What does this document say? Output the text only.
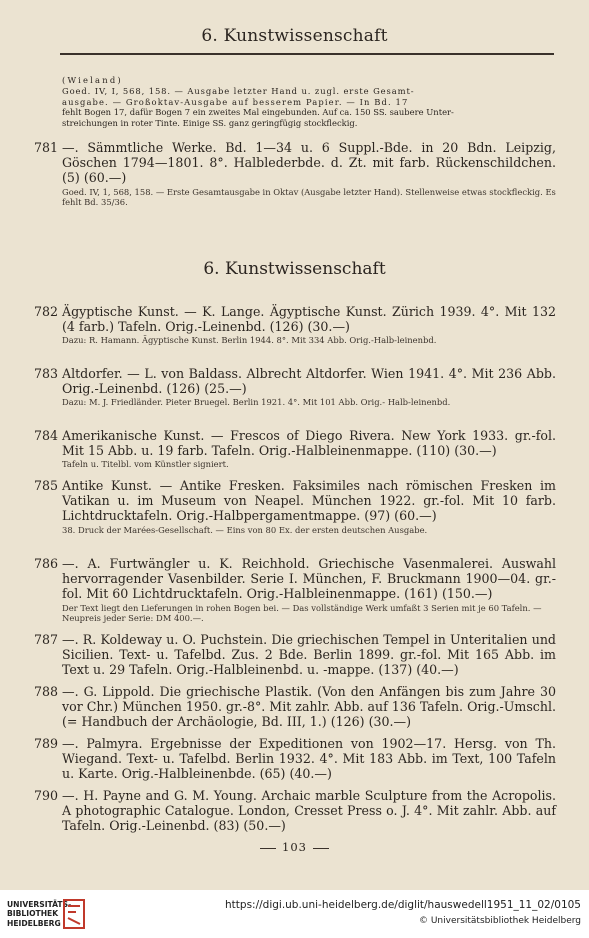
6. Kunstwissenschaft

(Wieland)

Goed. IV, I, 568, 158. — Ausgabe letzter Hand u. zugl. erste Gesamt-

ausgabe. — Großoktav-Ausgabe auf besserem Papier. — In Bd. 17

fehlt Bogen 17, dafür Bogen 7 ein zweites Mal eingebunden. Auf ca. 150 SS. saubere Unter-

streichungen in roter Tinte. Einige SS. ganz geringfügig stockfleckig.

781 —. Sämmtliche Werke. Bd. 1—34 u. 6 Suppl.-Bde. in 20 Bdn. Leipzig, Göschen 1794—1801. 8°. Halblederbde. d. Zt. mit farb. Rückenschildchen. (5) (60.—)
Goed. IV, 1, 568, 158. — Erste Gesamtausgabe in Oktav (Ausgabe letzter Hand). Stellenweise etwas stockfleckig. Es fehlt Bd. 35/36.
6. Kunstwissenschaft
782 Ägyptische Kunst. — K. Lange. Ägyptische Kunst. Zürich 1939. 4°. Mit 132 (4 farb.) Tafeln. Orig.-Leinenbd. (126) (30.—)
Dazu: R. Hamann. Ägyptische Kunst. Berlin 1944. 8°. Mit 334 Abb. Orig.-Halb-leinenbd.
783 Altdorfer. — L. von Baldass. Albrecht Altdorfer. Wien 1941. 4°. Mit 236 Abb. Orig.-Leinenbd. (126) (25.—)
Dazu: M. J. Friedländer. Pieter Bruegel. Berlin 1921. 4°. Mit 101 Abb. Orig.- Halb-leinenbd.
784 Amerikanische Kunst. — Frescos of Diego Rivera. New York 1933. gr.-fol. Mit 15 Abb. u. 19 farb. Tafeln. Orig.-Halbleinenmappe. (110) (30.—)
Tafeln u. Titelbl. vom Künstler signiert.
785 Antike Kunst. — Antike Fresken. Faksimiles nach römischen Fresken im Vatikan u. im Museum von Neapel. München 1922. gr.-fol. Mit 10 farb. Lichtdrucktafeln. Orig.-Halbpergamentmappe. (97) (60.—)
38. Druck der Marées-Gesellschaft. — Eins von 80 Ex. der ersten deutschen Ausgabe.
786 —. A. Furtwängler u. K. Reichhold. Griechische Vasenmalerei. Auswahl hervorragender Vasenbilder. Serie I. München, F. Bruckmann 1900—04. gr.-fol. Mit 60 Lichtdrucktafeln. Orig.-Halbleinenmappe. (161) (150.—)
Der Text liegt den Lieferungen in rohen Bogen bei. — Das vollständige Werk umfaßt 3 Serien mit je 60 Tafeln. — Neupreis jeder Serie: DM 400.—.
787 —. R. Koldeway u. O. Puchstein. Die griechischen Tempel in Unteritalien und Sicilien. Text- u. Tafelbd. Zus. 2 Bde. Berlin 1899. gr.-fol. Mit 165 Abb. im Text u. 29 Tafeln. Orig.-Halbleinenbd. u. -mappe. (137) (40.—)
788 —. G. Lippold. Die griechische Plastik. (Von den Anfängen bis zum Jahre 30 vor Chr.) München 1950. gr.-8°. Mit zahlr. Abb. auf 136 Tafeln. Orig.-Umschl. (= Handbuch der Archäologie, Bd. III, 1.) (126) (30.—)
789 —. Palmyra. Ergebnisse der Expeditionen von 1902—17. Hersg. von Th. Wiegand. Text- u. Tafelbd. Berlin 1932. 4°. Mit 183 Abb. im Text, 100 Tafeln u. Karte. Orig.-Halbleinenbde. (65) (40.—)
790 —. H. Payne and G. M. Young. Archaic marble Sculpture from the Acropolis. A photographic Catalogue. London, Cresset Press o. J. 4°. Mit zahlr. Abb. auf Tafeln. Orig.-Leinenbd. (83) (50.—)
103
UNIVERSITÄTS-
BIBLIOTHEK
HEIDELBERG
https://digi.ub.uni-heidelberg.de/diglit/hauswedell1951_11_02/0105
© Universitätsbibliothek Heidelberg
